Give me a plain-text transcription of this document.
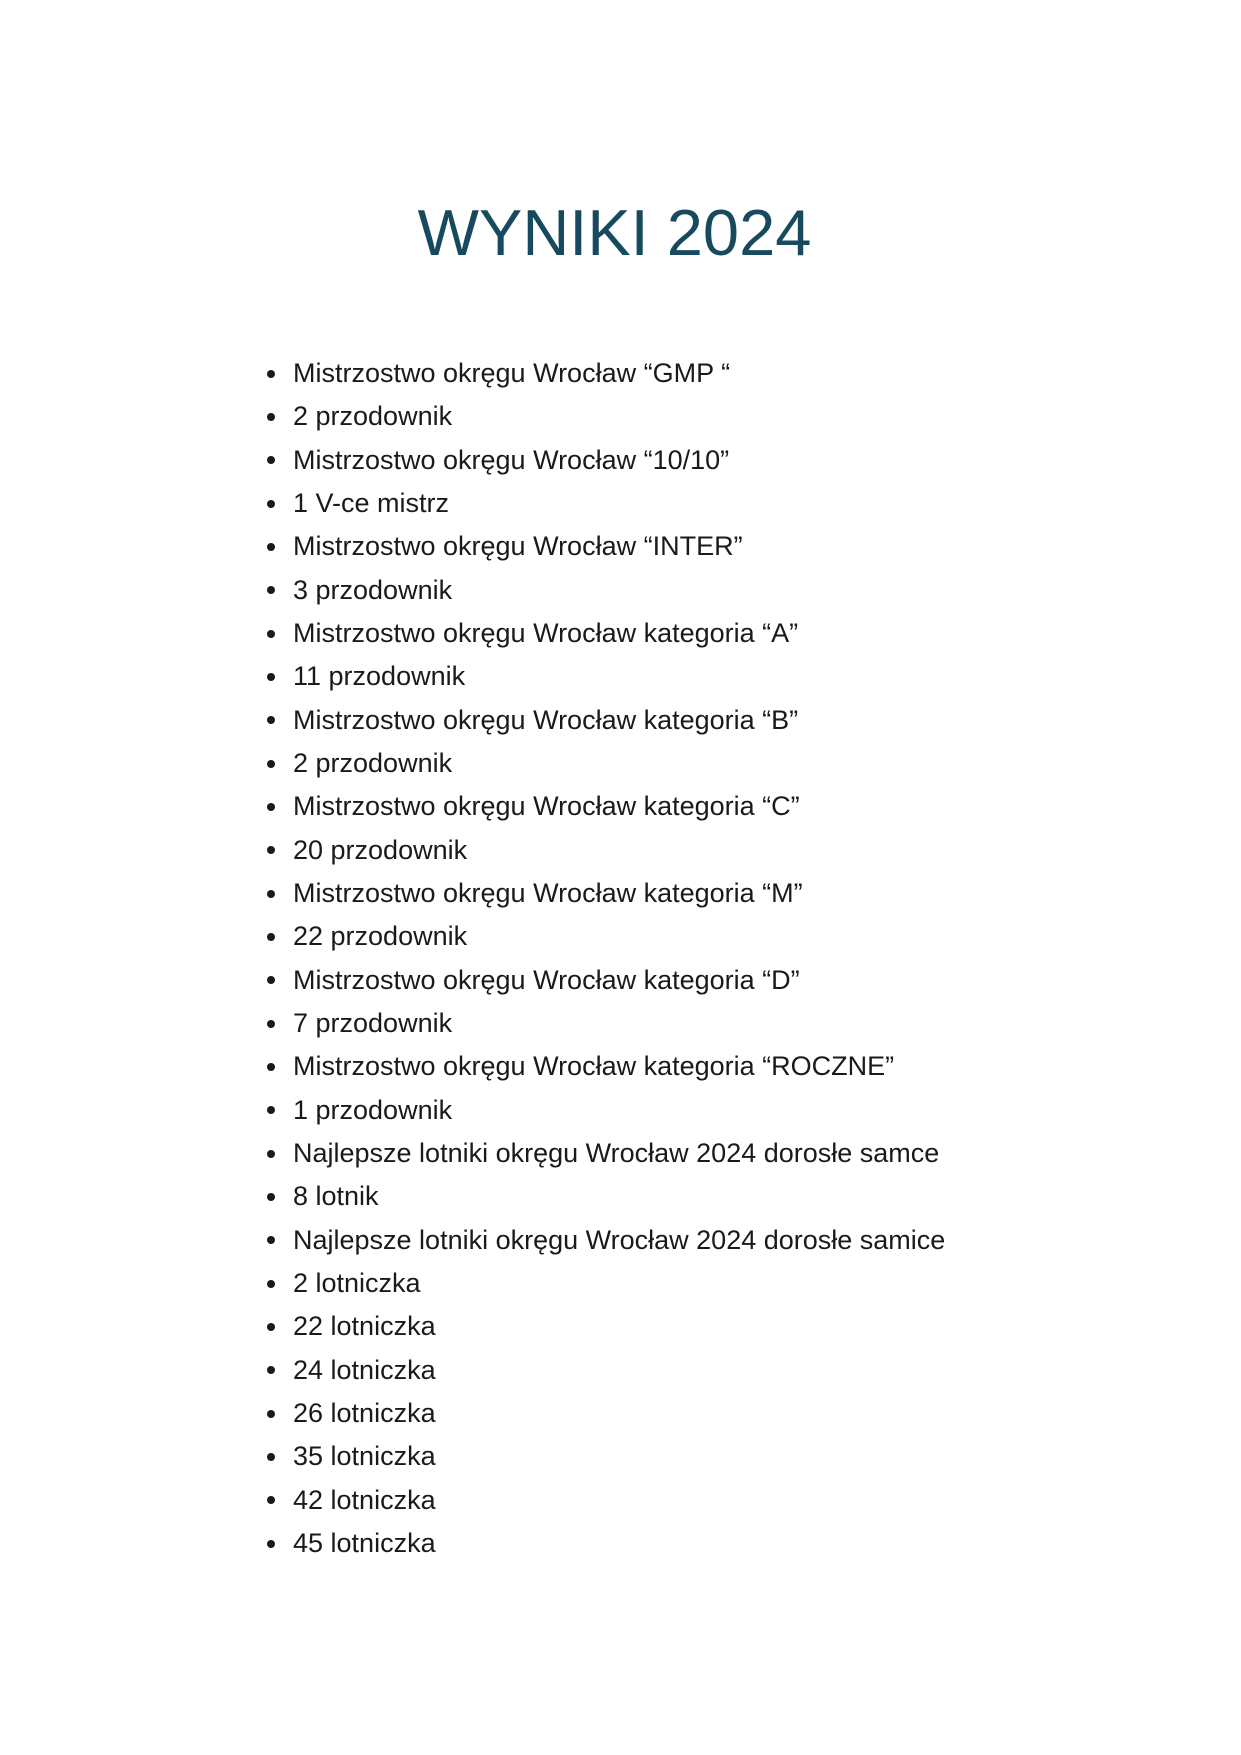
WYNIKI 2024
Mistrzostwo okręgu Wrocław “GMP “
2 przodownik
Mistrzostwo okręgu Wrocław “10/10”
1 V-ce mistrz
Mistrzostwo okręgu Wrocław “INTER”
3 przodownik
Mistrzostwo okręgu Wrocław kategoria “A”
11 przodownik
Mistrzostwo okręgu Wrocław kategoria “B”
2 przodownik
Mistrzostwo okręgu Wrocław kategoria “C”
20 przodownik
Mistrzostwo okręgu Wrocław kategoria “M”
22 przodownik
Mistrzostwo okręgu Wrocław kategoria “D”
7 przodownik
Mistrzostwo okręgu Wrocław kategoria “ROCZNE”
1 przodownik
Najlepsze lotniki okręgu Wrocław 2024 dorosłe samce
8 lotnik
Najlepsze lotniki okręgu Wrocław 2024 dorosłe samice
2 lotniczka
22 lotniczka
24 lotniczka
26 lotniczka
35 lotniczka
42 lotniczka
45 lotniczka
